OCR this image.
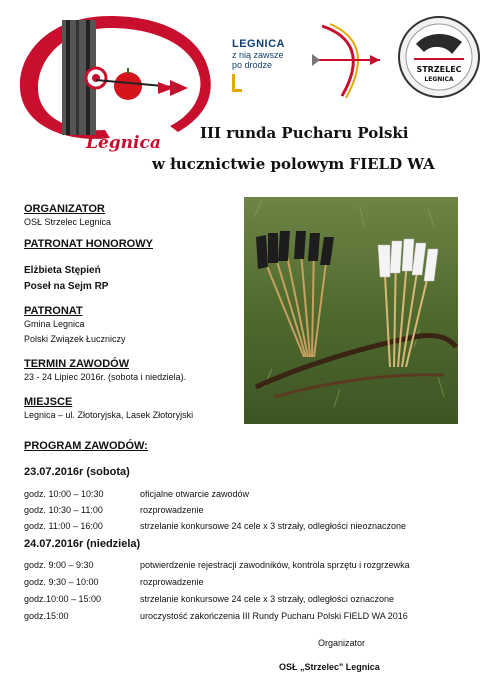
Legnica
LEGNICA
z nią zawsze
po drodze	STRZELEC
LEGNICA
III runda Pucharu Polski
w łucznictwie polowym FIELD WA
ORGANIZATOR
OSŁ Strzelec Legnica
PATRONAT HONOROWY
Elżbieta Stępień
Poseł na Sejm RP
PATRONAT
Gmina Legnica
Polski Związek Łuczniczy
TERMIN ZAWODÓW
23 - 24 Lipiec 2016r. (sobota i niedziela).
MIEJSCE
Legnica – ul. Złotoryjska, Lasek Złotoryjski
PROGRAM ZAWODÓW:
23.07.2016r (sobota)
godz. 10:00 – 10:30	oficjalne otwarcie zawodów
godz. 10:30 – 11:00	rozprowadzenie
godz. 11:00 – 16:00	strzelanie konkursowe 24 cele x 3 strzały, odległości nieoznaczone
24.07.2016r (niedziela)
godz. 9:00 – 9:30	potwierdzenie rejestracji zawodników, kontrola sprzętu i rozgrzewka
godz. 9:30 – 10:00	rozprowadzenie
godz.10:00 – 15:00	strzelanie konkursowe 24 cele x 3 strzały, odległości oznaczone
godz.15:00	uroczystość zakończenia III Rundy Pucharu Polski FIELD WA 2016
Organizator
OSŁ „Strzelec" Legnica
